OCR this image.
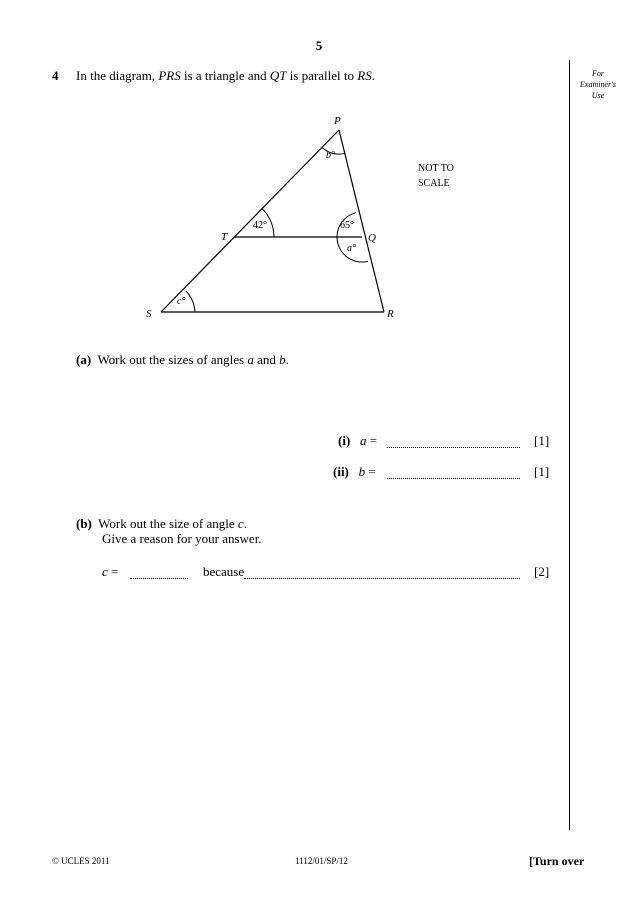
5
4 In the diagram, PRS is a triangle and QT is parallel to RS.	For
Examiner's
Use
P
Q
R
S
T
b°
42°	65°
a°
c°
NOT TO
SCALE
(a) Work out the sizes of angles a and b.
(i) a =	[1]
(ii) b =	[1]
(b) Work out the size of angle c.
Give a reason for your answer.
c =	because	[2]
© UCLES 2011	1112/01/SP/12	[Turn over
